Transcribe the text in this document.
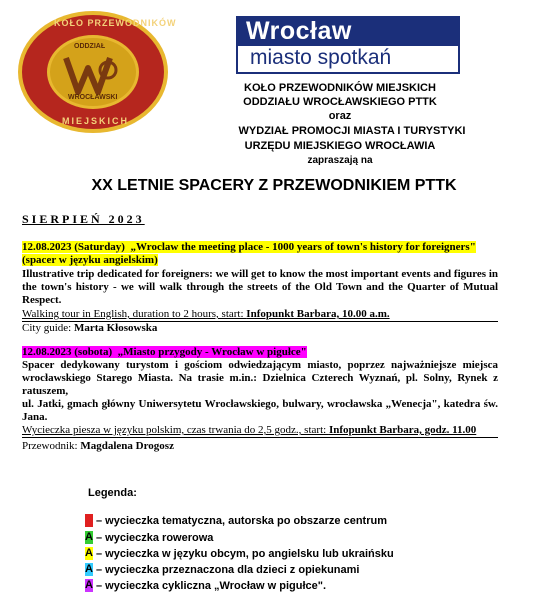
KOŁO PRZEWODNIKÓW
MIEJSKICH
ODDZIAŁ
WROCŁAWSKI
Wrocław
miasto spotkań
KOŁO PRZEWODNIKÓW MIEJSKICH
ODDZIAŁU WROCŁAWSKIEGO PTTK
oraz
WYDZIAŁ PROMOCJI MIASTA I TURYSTYKI
URZĘDU MIEJSKIEGO WROCŁAWIA
zapraszają na
XX LETNIE SPACERY Z PRZEWODNIKIEM PTTK
SIERPIEŃ 2023
12.08.2023 (Saturday) „Wroclaw the meeting place - 1000 years of town's history for foreigners"
(spacer w języku angielskim)
Illustrative trip dedicated for foreigners: we will get to know the most important events and figures in the town's history - we will walk through the streets of the Old Town and the Quarter of Mutual Respect.
Walking tour in English, duration to 2 hours, start: Infopunkt Barbara, 10.00 a.m.
City guide: Marta Kłosowska
12.08.2023 (sobota) „Miasto przygody - Wrocław w pigułce"
Spacer dedykowany turystom i gościom odwiedzającym miasto, poprzez najważniejsze miejsca wrocławskiego Starego Miasta. Na trasie m.in.: Dzielnica Czterech Wyznań, pl. Solny, Rynek z ratuszem,
ul. Jatki, gmach główny Uniwersytetu Wrocławskiego, bulwary, wrocławska „Wenecja", katedra św. Jana.
Wycieczka piesza w języku polskim, czas trwania do 2,5 godz., start: Infopunkt Barbara, godz. 11.00
Przewodnik: Magdalena Drogosz
Legenda:
– wycieczka tematyczna, autorska po obszarze centrum
A – wycieczka rowerowa
A – wycieczka w języku obcym, po angielsku lub ukraińsku
A – wycieczka przeznaczona dla dzieci z opiekunami
A – wycieczka cykliczna „Wrocław w pigułce".
